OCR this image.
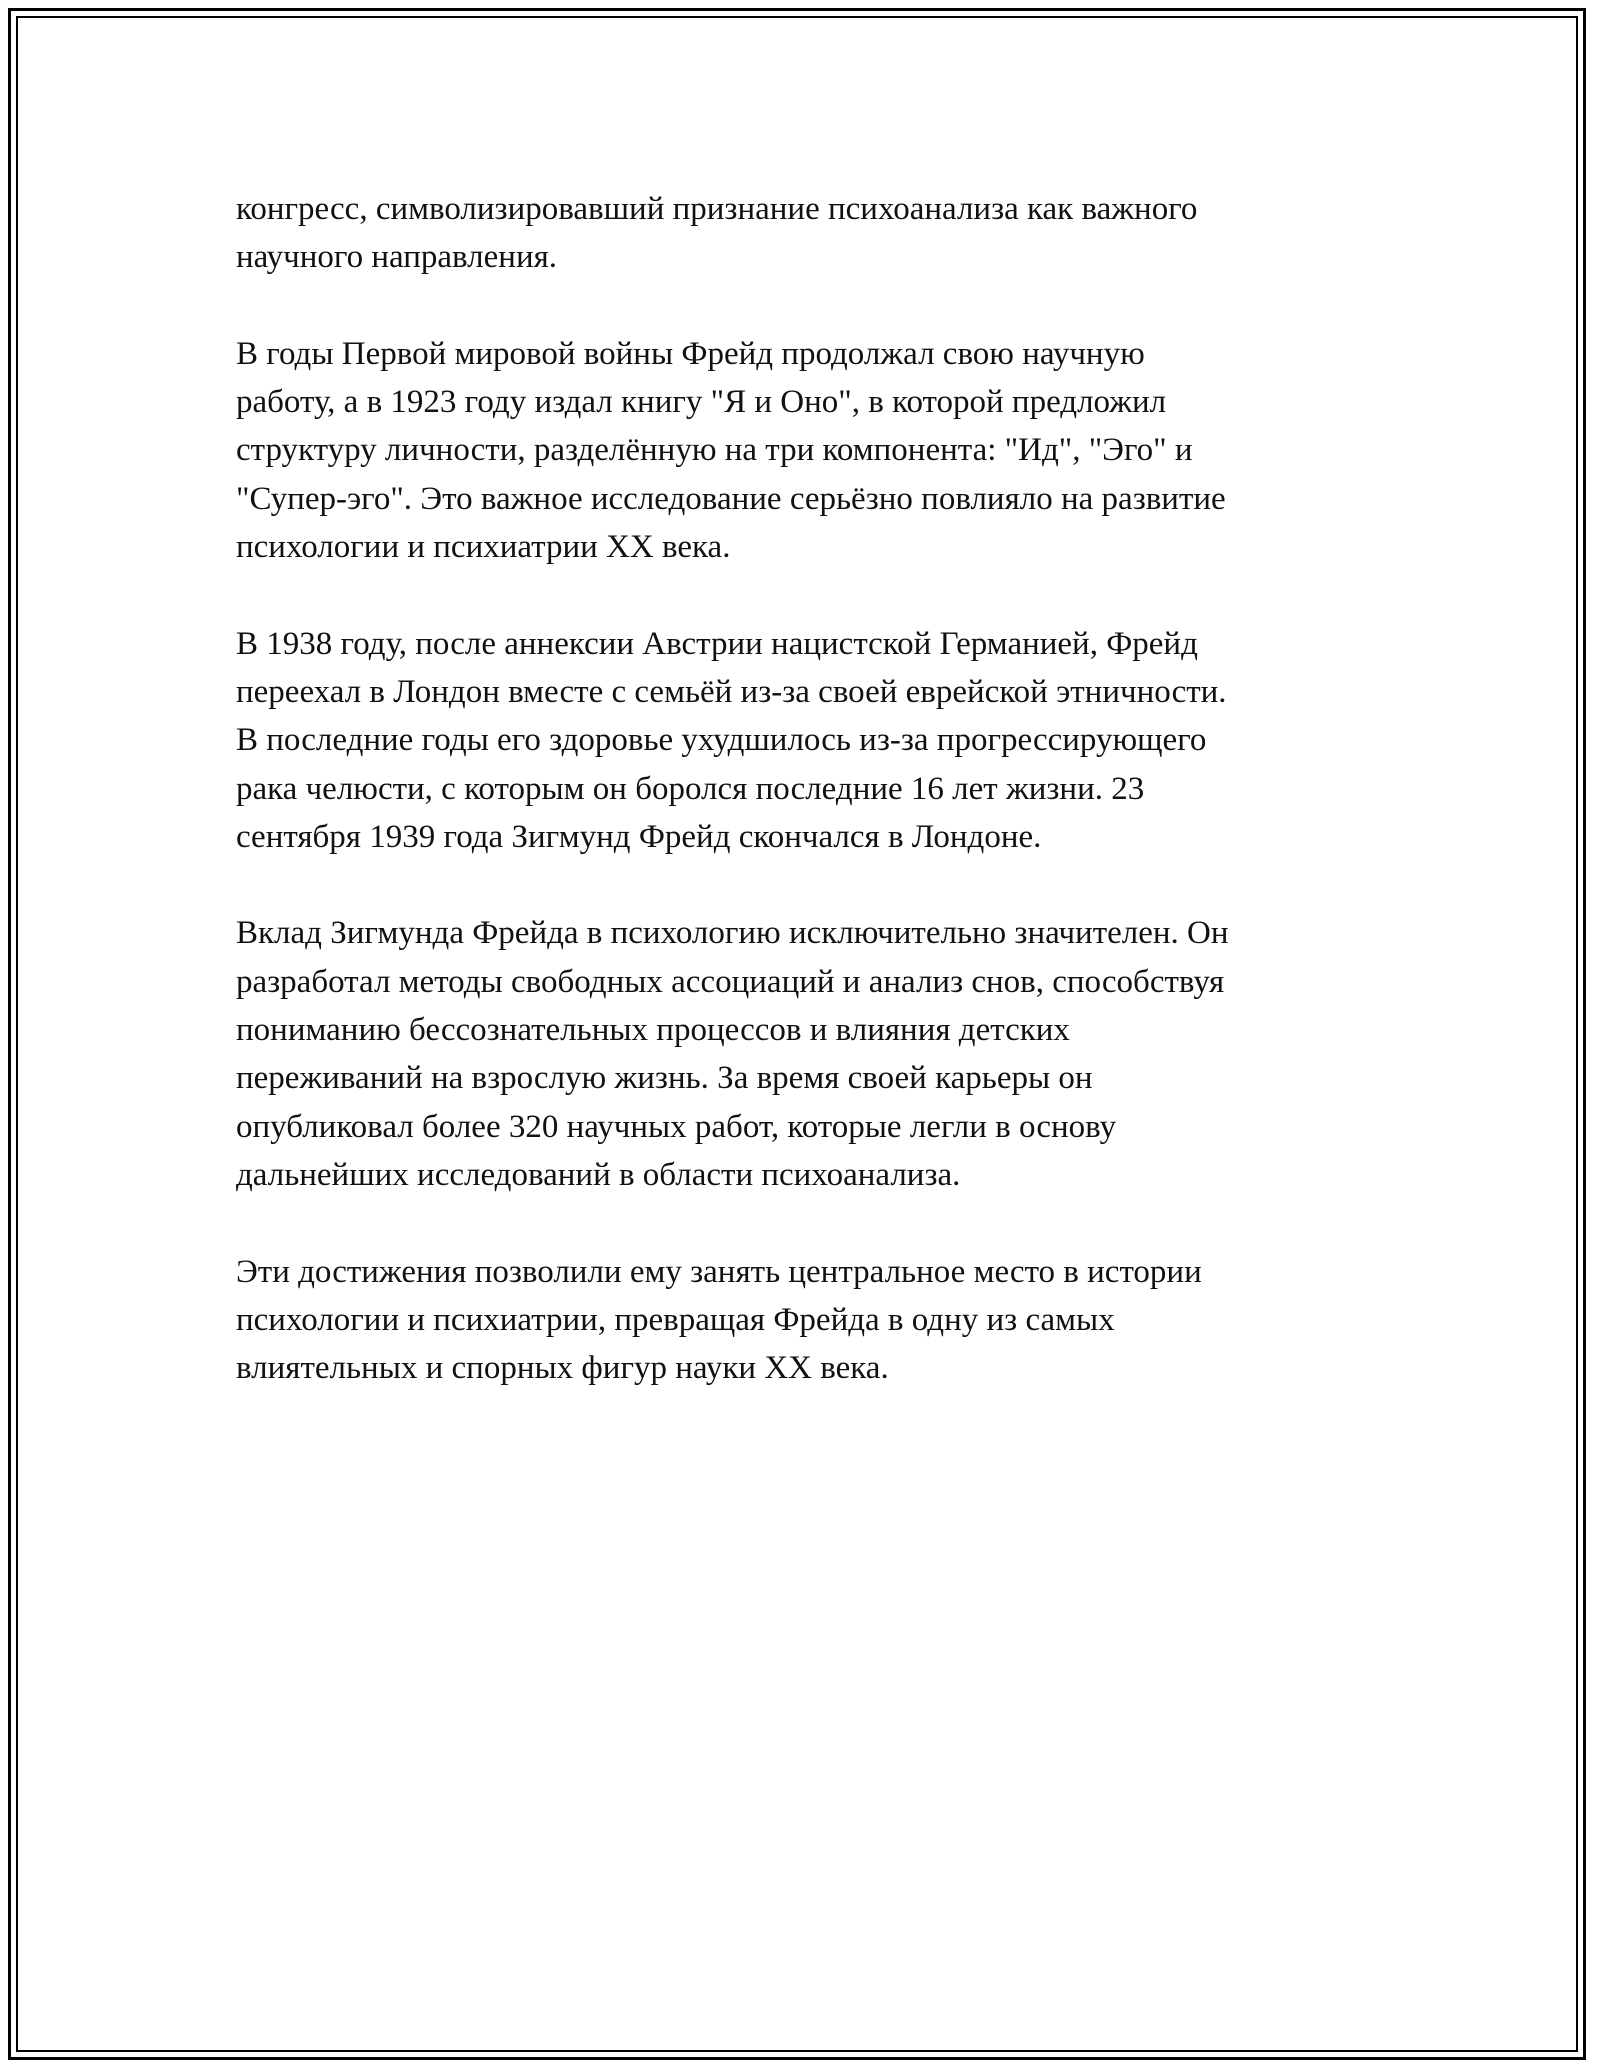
конгресс, символизировавший признание психоанализа как важного
научного направления.

В годы Первой мировой войны Фрейд продолжал свою научную
работу, а в 1923 году издал книгу "Я и Оно", в которой предложил
структуру личности, разделённую на три компонента: "Ид", "Эго" и
"Супер-эго". Это важное исследование серьёзно повлияло на развитие
психологии и психиатрии XX века.

В 1938 году, после аннексии Австрии нацистской Германией, Фрейд
переехал в Лондон вместе с семьёй из-за своей еврейской этничности.
В последние годы его здоровье ухудшилось из-за прогрессирующего
рака челюсти, с которым он боролся последние 16 лет жизни. 23
сентября 1939 года Зигмунд Фрейд скончался в Лондоне.

Вклад Зигмунда Фрейда в психологию исключительно значителен. Он
разработал методы свободных ассоциаций и анализ снов, способствуя
пониманию бессознательных процессов и влияния детских
переживаний на взрослую жизнь. За время своей карьеры он
опубликовал более 320 научных работ, которые легли в основу
дальнейших исследований в области психоанализа.

Эти достижения позволили ему занять центральное место в истории
психологии и психиатрии, превращая Фрейда в одну из самых
влиятельных и спорных фигур науки XX века.
